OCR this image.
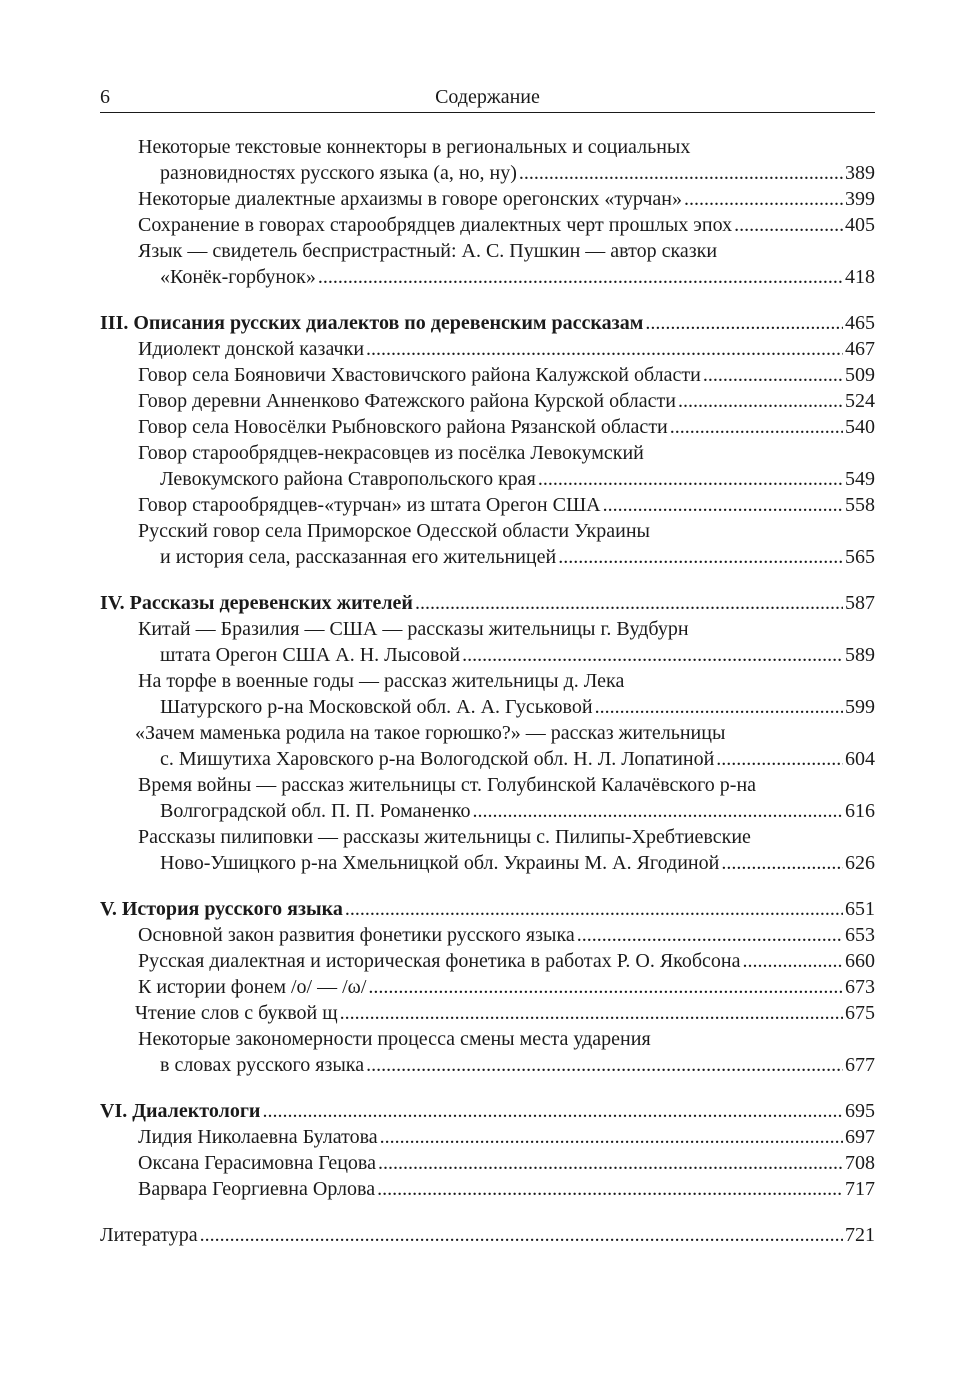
6	Содержание
Некоторые текстовые коннекторы в региональных и социальных
разновидностях русского языка (а, но, ну) .....	389
Некоторые диалектные архаизмы в говоре орегонских «турчан» .....	399
Сохранение в говорах старообрядцев диалектных черт прошлых эпох .....	405
Язык — свидетель беспристрастный: А. С. Пушкин — автор сказки
«Конёк-горбунок» .....	418
III. Описания русских диалектов по деревенским рассказам .....	465
Идиолект донской казачки .....	467
Говор села Бояновичи Хвастовичского района Калужской области .....	509
Говор деревни Анненково Фатежского района Курской области .....	524
Говор села Новосёлки Рыбновского района Рязанской области .....	540
Говор старообрядцев-некрасовцев из посёлка Левокумский
Левокумского района Ставропольского края .....	549
Говор старообрядцев-«турчан» из штата Орегон США .....	558
Русский говор села Приморское Одесской области Украины
и история села, рассказанная его жительницей .....	565
IV. Рассказы деревенских жителей .....	587
Китай — Бразилия — США — рассказы жительницы г. Вудбурн
штата Орегон США А. Н. Лысовой .....	589
На торфе в военные годы — рассказ жительницы д. Лека
Шатурского р-на Московской обл. А. А. Гуськовой .....	599
«Зачем маменька родила на такое горюшко?» — рассказ жительницы
с. Мишутиха Харовского р-на Вологодской обл. Н. Л. Лопатиной .....	604
Время войны — рассказ жительницы ст. Голубинской Калачёвского р-на
Волгоградской обл. П. П. Романенко .....	616
Рассказы пилиповки — рассказы жительницы с. Пилипы-Хребтиевские
Ново-Ушицкого р-на Хмельницкой обл. Украины М. А. Ягодиной .....	626
V. История русского языка .....	651
Основной закон развития фонетики русского языка .....	653
Русская диалектная и историческая фонетика в работах Р. О. Якобсона .....	660
К истории фонем /о/ — /ω/ .....	673
Чтение слов с буквой щ .....	675
Некоторые закономерности процесса смены места ударения
в словах русского языка .....	677
VI. Диалектологи .....	695
Лидия Николаевна Булатова .....	697
Оксана Герасимовна Гецова .....	708
Варвара Георгиевна Орлова .....	717
Литература .....	721
